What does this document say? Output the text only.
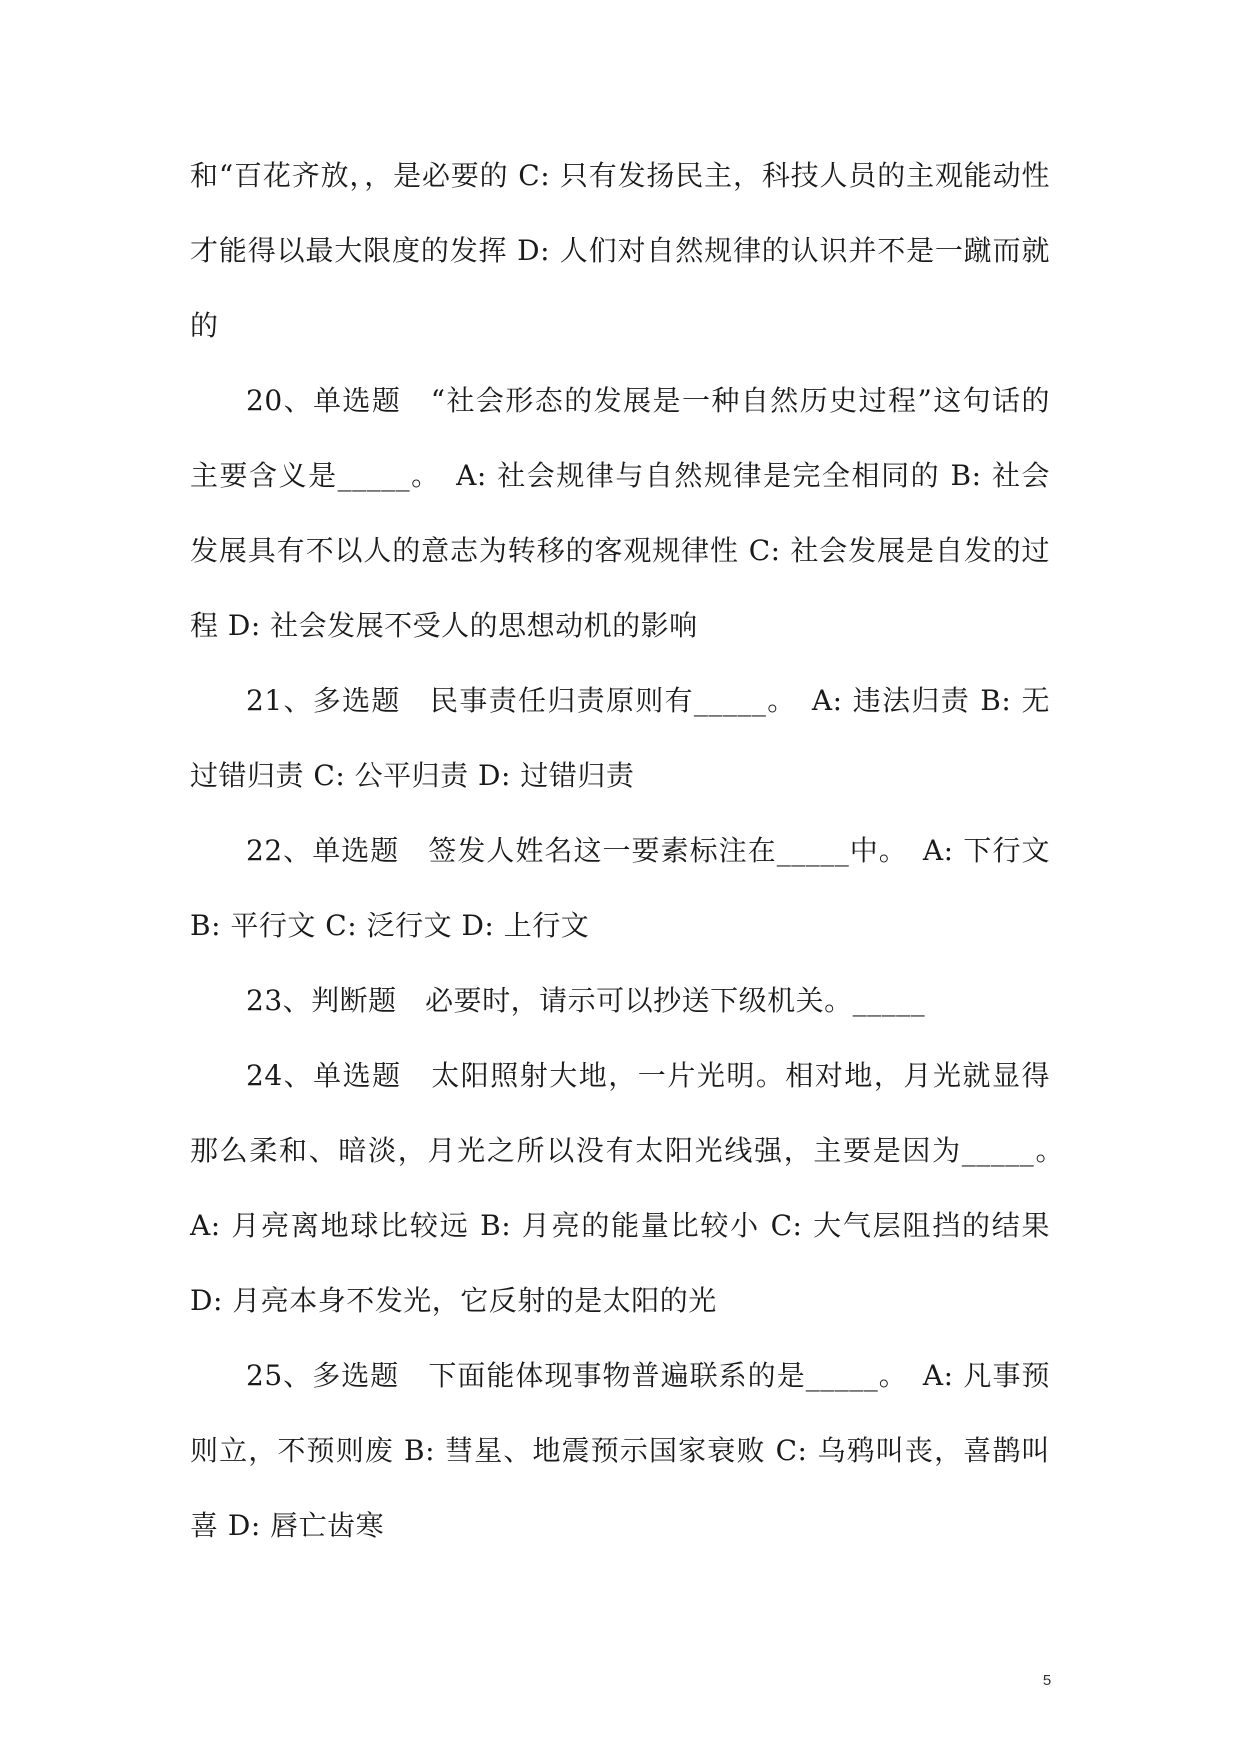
和“百花齐放，，是必要的 C: 只有发扬民主，科技人员的主观能动性才能得以最大限度的发挥 D: 人们对自然规律的认识并不是一蹴而就的

20、单选题　“社会形态的发展是一种自然历史过程”这句话的主要含义是_____。　A: 社会规律与自然规律是完全相同的 B: 社会发展具有不以人的意志为转移的客观规律性 C: 社会发展是自发的过程 D: 社会发展不受人的思想动机的影响

21、多选题　民事责任归责原则有_____。　A: 违法归责 B: 无过错归责 C: 公平归责 D: 过错归责

22、单选题　签发人姓名这一要素标注在_____中。　A: 下行文 B: 平行文 C: 泛行文 D: 上行文

23、判断题　必要时，请示可以抄送下级机关。_____

24、单选题　太阳照射大地，一片光明。相对地，月光就显得那么柔和、暗淡，月光之所以没有太阳光线强，主要是因为_____。　A: 月亮离地球比较远 B: 月亮的能量比较小 C: 大气层阻挡的结果 D: 月亮本身不发光，它反射的是太阳的光

25、多选题　下面能体现事物普遍联系的是_____。　A: 凡事预则立，不预则废 B: 彗星、地震预示国家衰败 C: 乌鸦叫丧，喜鹊叫喜 D: 唇亡齿寒

5
